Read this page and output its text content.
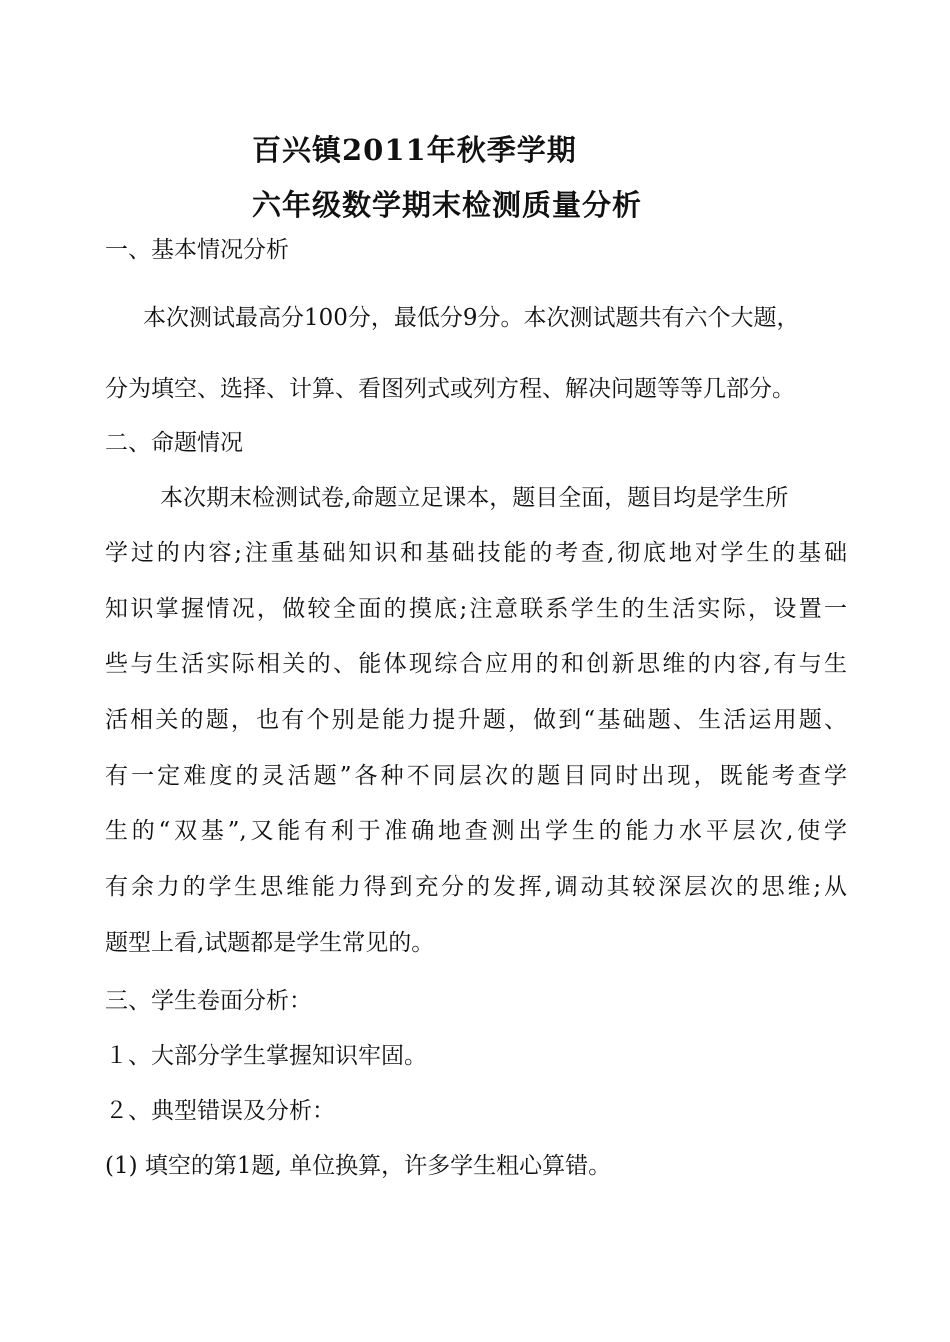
百兴镇2011年秋季学期
六年级数学期末检测质量分析
一、基本情况分析
本次测试最高分100分，最低分9分。本次测试题共有六个大题，
分为填空、选择、计算、看图列式或列方程、解决问题等等几部分。
二、命题情况
本次期末检测试卷,命题立足课本，题目全面，题目均是学生所
学过的内容;注重基础知识和基础技能的考查,彻底地对学生的基础
知识掌握情况，做较全面的摸底;注意联系学生的生活实际，设置一
些与生活实际相关的、能体现综合应用的和创新思维的内容,有与生
活相关的题，也有个别是能力提升题，做到“基础题、生活运用题、
有一定难度的灵活题”各种不同层次的题目同时出现，既能考查学
生的“双基”,又能有利于准确地查测出学生的能力水平层次,使学
有余力的学生思维能力得到充分的发挥,调动其较深层次的思维;从
题型上看,试题都是学生常见的。
三、学生卷面分析：
１、大部分学生掌握知识牢固。
２、典型错误及分析：
(1) 填空的第1题, 单位换算，许多学生粗心算错。
